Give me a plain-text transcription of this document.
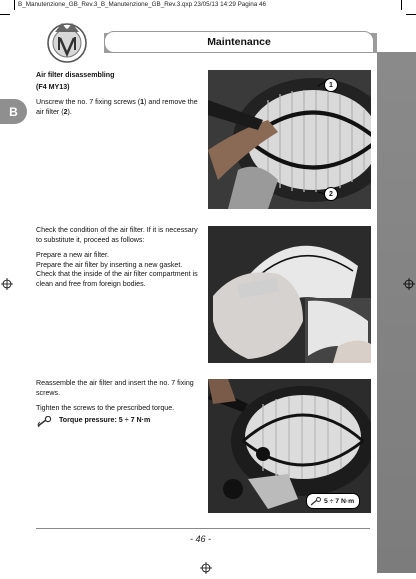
B_Manutenzione_GB_Rev.3_B_Manutenzione_GB_Rev.3.qxp 23/05/13 14:29 Pagina 46
Maintenance
B
Air filter disassembling
(F4 MY13)
Unscrew the no. 7 fixing screws (1) and remove the air filter (2).
1
2
Check the condition of the air filter. If it is necessary to substitute it, proceed as follows:
Prepare a new air filter.
Prepare the air filter by inserting a new gasket.
Check that the inside of the air filter compartment is clean and free from foreign bodies.
Reassemble the air filter and insert the no. 7 fixing screws.
Tighten the screws to the prescribed torque.
Torque pressure: 5 ÷ 7 N·m
5 ÷ 7 N·m
- 46 -
